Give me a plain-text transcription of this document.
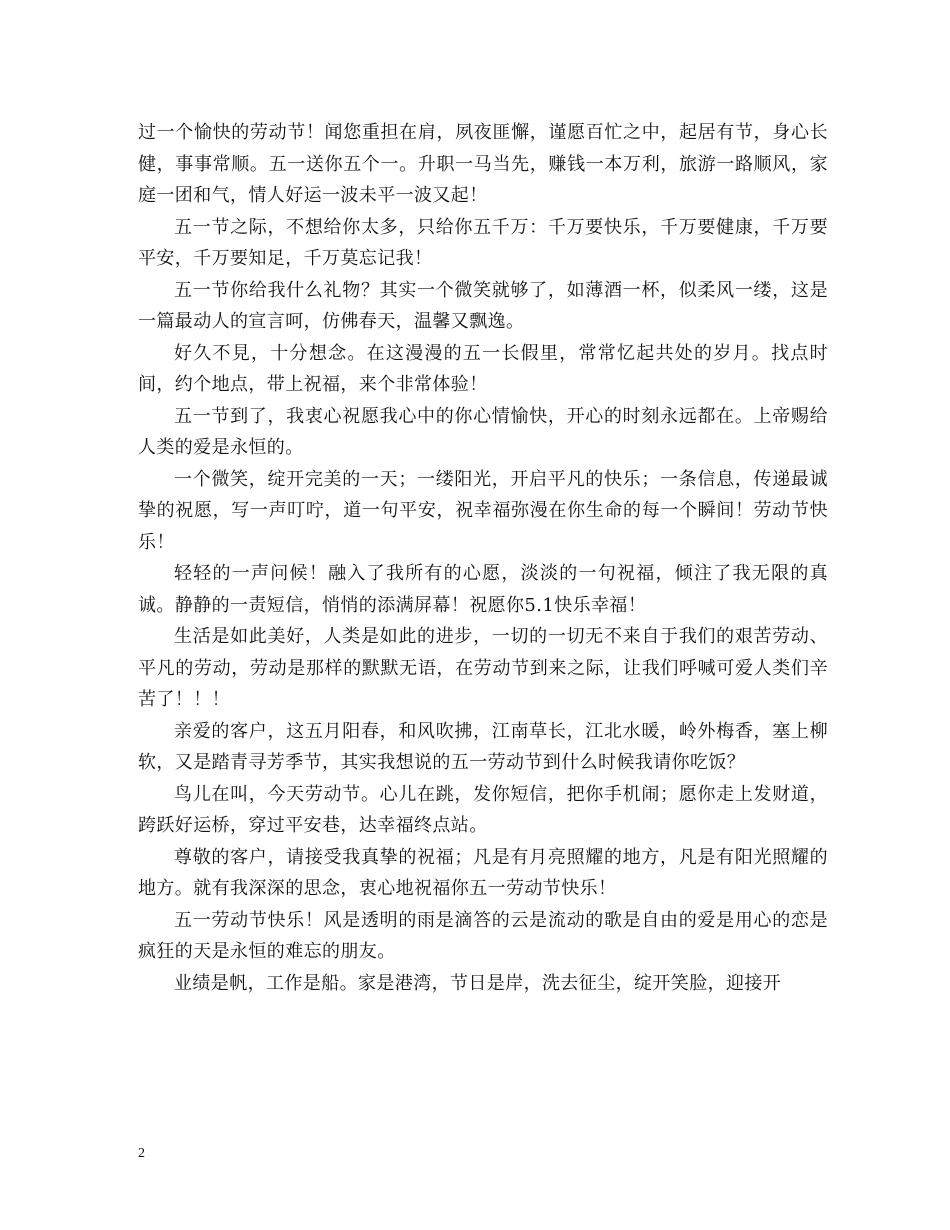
过一个愉快的劳动节！闻您重担在肩，夙夜匪懈，谨愿百忙之中，起居有节，身心长健，事事常顺。五一送你五个一。升职一马当先，赚钱一本万利，旅游一路顺风，家庭一团和气，情人好运一波未平一波又起！

五一节之际，不想给你太多，只给你五千万：千万要快乐，千万要健康，千万要平安，千万要知足，千万莫忘记我！

五一节你给我什么礼物？其实一个微笑就够了，如薄酒一杯，似柔风一缕，这是一篇最动人的宣言呵，仿佛春天，温馨又飘逸。

好久不見，十分想念。在这漫漫的五一长假里，常常忆起共处的岁月。找点时间，约个地点，带上祝福，来个非常体验！

五一节到了，我衷心祝愿我心中的你心情愉快，开心的时刻永远都在。上帝赐给人类的爱是永恒的。

一个微笑，绽开完美的一天；一缕阳光，开启平凡的快乐；一条信息，传递最诚挚的祝愿，写一声叮咛，道一句平安，祝幸福弥漫在你生命的每一个瞬间！劳动节快乐！

轻轻的一声问候！融入了我所有的心愿，淡淡的一句祝福，倾注了我无限的真诚。静静的一责短信，悄悄的添满屏幕！祝愿你5.1快乐幸福！

生活是如此美好，人类是如此的进步，一切的一切无不来自于我们的艰苦劳动、平凡的劳动，劳动是那样的默默无语，在劳动节到来之际，让我们呼喊可爱人类们辛苦了！！！

亲爱的客户，这五月阳春，和风吹拂，江南草长，江北水暖，岭外梅香，塞上柳软，又是踏青寻芳季节，其实我想说的五一劳动节到什么时候我请你吃饭？

鸟儿在叫，今天劳动节。心儿在跳，发你短信，把你手机闹；愿你走上发财道，跨跃好运桥，穿过平安巷，达幸福终点站。

尊敬的客户，请接受我真挚的祝福；凡是有月亮照耀的地方，凡是有阳光照耀的地方。就有我深深的思念，衷心地祝福你五一劳动节快乐！

五一劳动节快乐！风是透明的雨是滴答的云是流动的歌是自由的爱是用心的恋是疯狂的天是永恒的难忘的朋友。

业绩是帆，工作是船。家是港湾，节日是岸，洗去征尘，绽开笑脸，迎接开

2
